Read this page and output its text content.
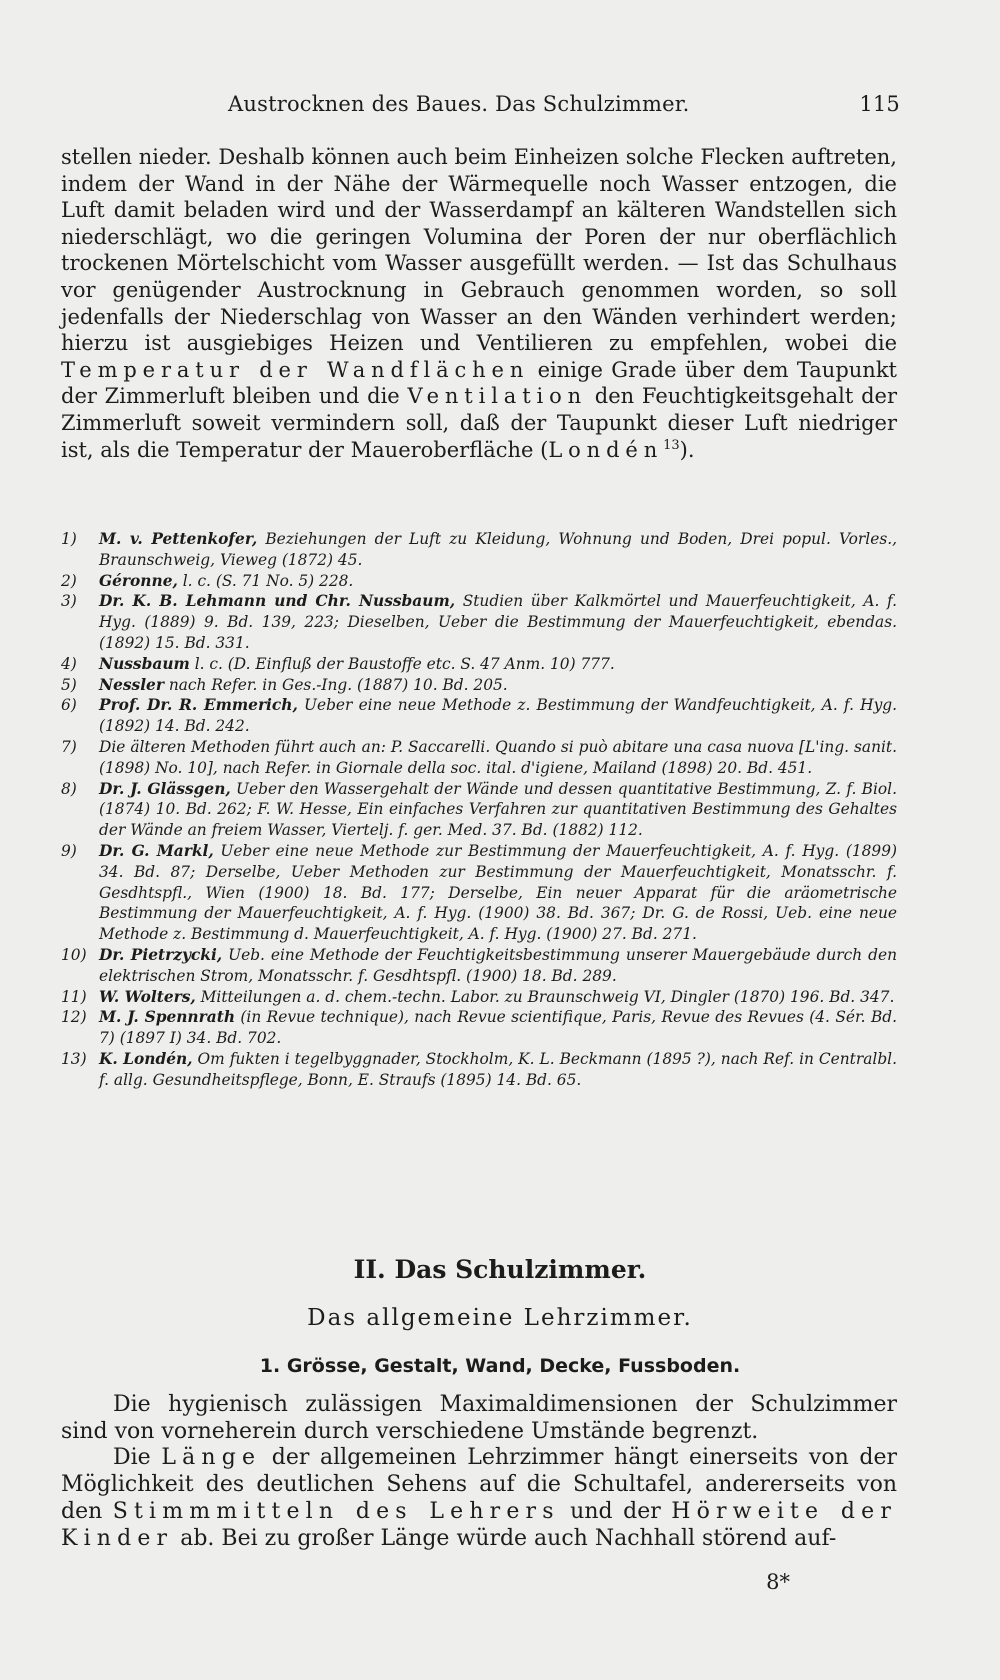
Austrocknen des Baues. Das Schulzimmer.	115

stellen nieder. Deshalb können auch beim Einheizen solche Flecken auftreten, indem der Wand in der Nähe der Wärmequelle noch Wasser entzogen, die Luft damit beladen wird und der Wasserdampf an kälteren Wandstellen sich niederschlägt, wo die geringen Volumina der Poren der nur oberflächlich trockenen Mörtelschicht vom Wasser ausgefüllt werden. — Ist das Schulhaus vor genügender Austrocknung in Gebrauch genommen worden, so soll jedenfalls der Niederschlag von Wasser an den Wänden verhindert werden; hierzu ist ausgiebiges Heizen und Ventilieren zu empfehlen, wobei die Temperatur der Wandflächen einige Grade über dem Taupunkt der Zimmerluft bleiben und die Ventilation den Feuchtigkeitsgehalt der Zimmerluft soweit vermindern soll, daß der Taupunkt dieser Luft niedriger ist, als die Temperatur der Maueroberfläche (Londén$^{13}$).

1)	M. v. Pettenkofer, Beziehungen der Luft zu Kleidung, Wohnung und Boden, Drei popul. Vorles., Braunschweig, Vieweg (1872) 45.
2)	Géronne, l. c. (S. 71 No. 5) 228.
3)	Dr. K. B. Lehmann und Chr. Nussbaum, Studien über Kalkmörtel und Mauerfeuchtigkeit, A. f. Hyg. (1889) 9. Bd. 139, 223; Dieselben, Ueber die Bestimmung der Mauerfeuchtigkeit, ebendas. (1892) 15. Bd. 331.
4)	Nussbaum l. c. (D. Einfluß der Baustoffe etc. S. 47 Anm. 10) 777.
5)	Nessler nach Refer. in Ges.-Ing. (1887) 10. Bd. 205.
6)	Prof. Dr. R. Emmerich, Ueber eine neue Methode z. Bestimmung der Wandfeuchtigkeit, A. f. Hyg. (1892) 14. Bd. 242.
7)	Die älteren Methoden führt auch an: P. Saccarelli. Quando si può abitare una casa nuova [L'ing. sanit. (1898) No. 10], nach Refer. in Giornale della soc. ital. d'igiene, Mailand (1898) 20. Bd. 451.
8)	Dr. J. Glässgen, Ueber den Wassergehalt der Wände und dessen quantitative Bestimmung, Z. f. Biol. (1874) 10. Bd. 262; F. W. Hesse, Ein einfaches Verfahren zur quantitativen Bestimmung des Gehaltes der Wände an freiem Wasser, Viertelj. f. ger. Med. 37. Bd. (1882) 112.
9)	Dr. G. Markl, Ueber eine neue Methode zur Bestimmung der Mauerfeuchtigkeit, A. f. Hyg. (1899) 34. Bd. 87; Derselbe, Ueber Methoden zur Bestimmung der Mauerfeuchtigkeit, Monatsschr. f. Gesdhtspfl., Wien (1900) 18. Bd. 177; Derselbe, Ein neuer Apparat für die aräometrische Bestimmung der Mauerfeuchtigkeit, A. f. Hyg. (1900) 38. Bd. 367; Dr. G. de Rossi, Ueb. eine neue Methode z. Bestimmung d. Mauerfeuchtigkeit, A. f. Hyg. (1900) 27. Bd. 271.
10) Dr. Pietrzycki, Ueb. eine Methode der Feuchtigkeitsbestimmung unserer Mauergebäude durch den elektrischen Strom, Monatsschr. f. Gesdhtspfl. (1900) 18. Bd. 289.
11) W. Wolters, Mitteilungen a. d. chem.-techn. Labor. zu Braunschweig VI, Dingler (1870) 196. Bd. 347.
12) M. J. Spennrath (in Revue technique), nach Revue scientifique, Paris, Revue des Revues (4. Sér. Bd. 7) (1897 I) 34. Bd. 702.
13) K. Londén, Om fukten i tegelbyggnader, Stockholm, K. L. Beckmann (1895 ?), nach Ref. in Centralbl. f. allg. Gesundheitspflege, Bonn, E. Straufs (1895) 14. Bd. 65.
II. Das Schulzimmer.
Das allgemeine Lehrzimmer.
1. Grösse, Gestalt, Wand, Decke, Fussboden.

Die hygienisch zulässigen Maximaldimensionen der Schulzimmer sind von vorneherein durch verschiedene Umstände begrenzt.

Die Länge der allgemeinen Lehrzimmer hängt einerseits von der Möglichkeit des deutlichen Sehens auf die Schultafel, andererseits von den Stimmmitteln des Lehrers und der Hörweite der Kinder ab. Bei zu großer Länge würde auch Nachhall störend auf-

8*
